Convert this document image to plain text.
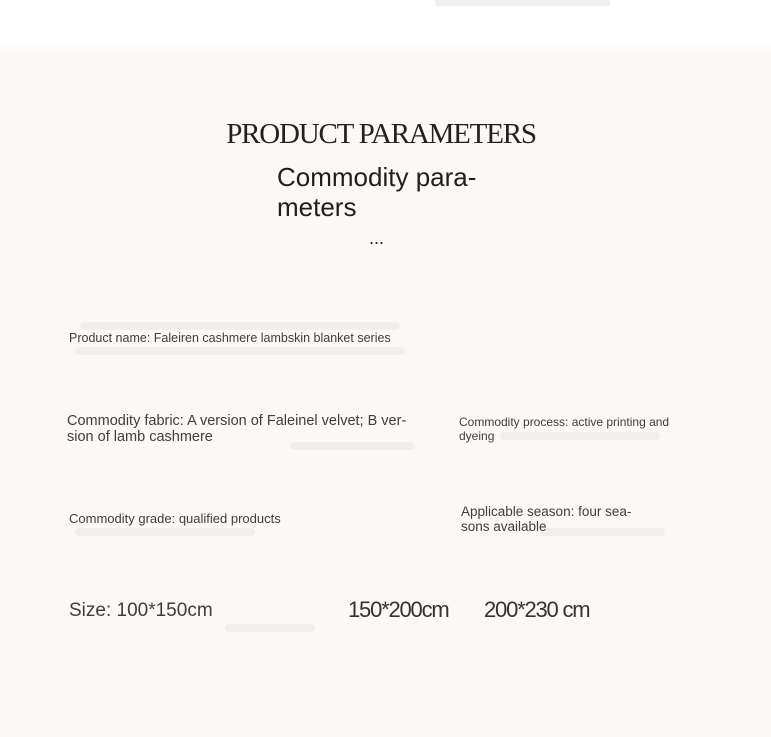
PRODUCT PARAMETERS
Commodity para-
meters
...

Product name: Faleiren cashmere lambskin blanket series

Commodity fabric: A version of Faleinel velvet; B ver-
sion of lamb cashmere

Commodity process: active printing and
dyeing

Commodity grade: qualified products	Applicable season: four sea-
sons available

Size: 100*150cm	150*200cm 200*230 cm
